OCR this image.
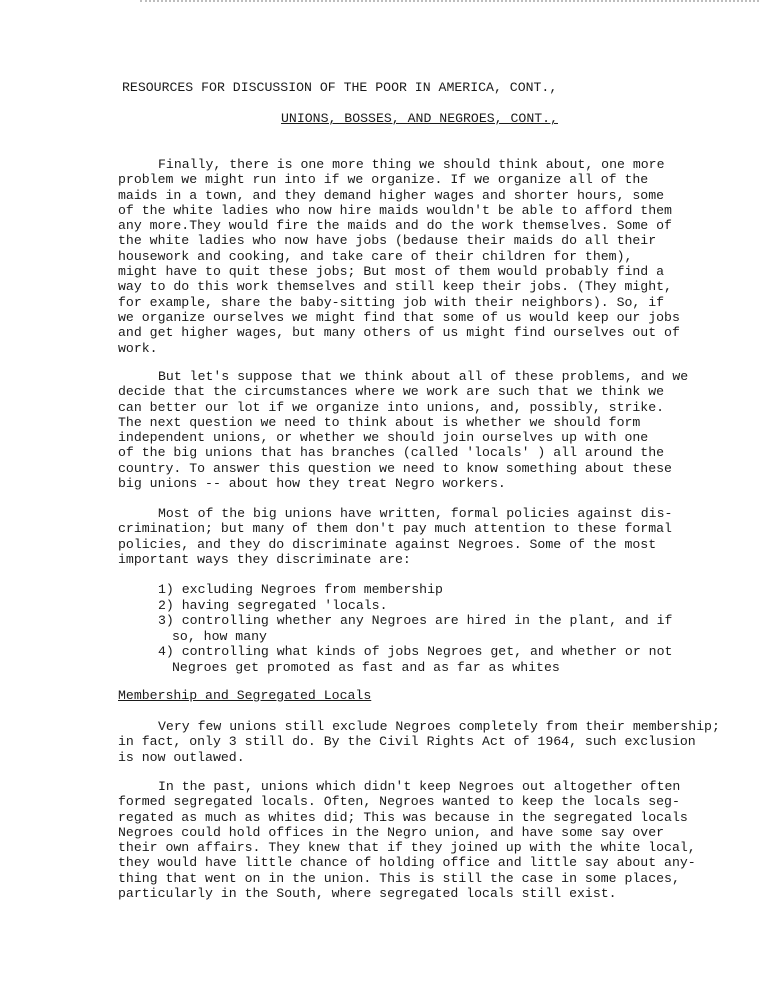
RESOURCES FOR DISCUSSION OF THE POOR IN AMERICA, CONT.,
UNIONS, BOSSES, AND NEGROES, CONT.,
Finally, there is one more thing we should think about, one more
problem we might run into if we organize. If we organize all of the
maids in a town, and they demand higher wages and shorter hours, some
of the white ladies who now hire maids wouldn't be able to afford them
any more.They would fire the maids and do the work themselves. Some of
the white ladies who now have jobs (bedause their maids do all their
housework and cooking, and take care of their children for them),
might have to quit these jobs; But most of them would probably find a
way to do this work themselves and still keep their jobs. (They might,
for example, share the baby-sitting job with their neighbors). So, if
we organize ourselves we might find that some of us would keep our jobs
and get higher wages, but many others of us might find ourselves out of
work.
But let's suppose that we think about all of these problems, and we
decide that the circumstances where we work are such that we think we
can better our lot if we organize into unions, and, possibly, strike.
The next question we need to think about is whether we should form
independent unions, or whether we should join ourselves up with one
of the big unions that has branches (called 'locals' ) all around the
country. To answer this question we need to know something about these
big unions -- about how they treat Negro workers.
Most of the big unions have written, formal policies against dis-
crimination; but many of them don't pay much attention to these formal
policies, and they do discriminate against Negroes. Some of the most
important ways they discriminate are:
1) excluding Negroes from membership
2) having segregated 'locals.
3) controlling whether any Negroes are hired in the plant, and if
so, how many
4) controlling what kinds of jobs Negroes get, and whether or not
Negroes get promoted as fast and as far as whites
Membership and Segregated Locals
Very few unions still exclude Negroes completely from their membership;
in fact, only 3 still do. By the Civil Rights Act of 1964, such exclusion
is now outlawed.
In the past, unions which didn't keep Negroes out altogether often
formed segregated locals. Often, Negroes wanted to keep the locals seg-
regated as much as whites did; This was because in the segregated locals
Negroes could hold offices in the Negro union, and have some say over
their own affairs. They knew that if they joined up with the white local,
they would have little chance of holding office and little say about any-
thing that went on in the union. This is still the case in some places,
particularly in the South, where segregated locals still exist.
